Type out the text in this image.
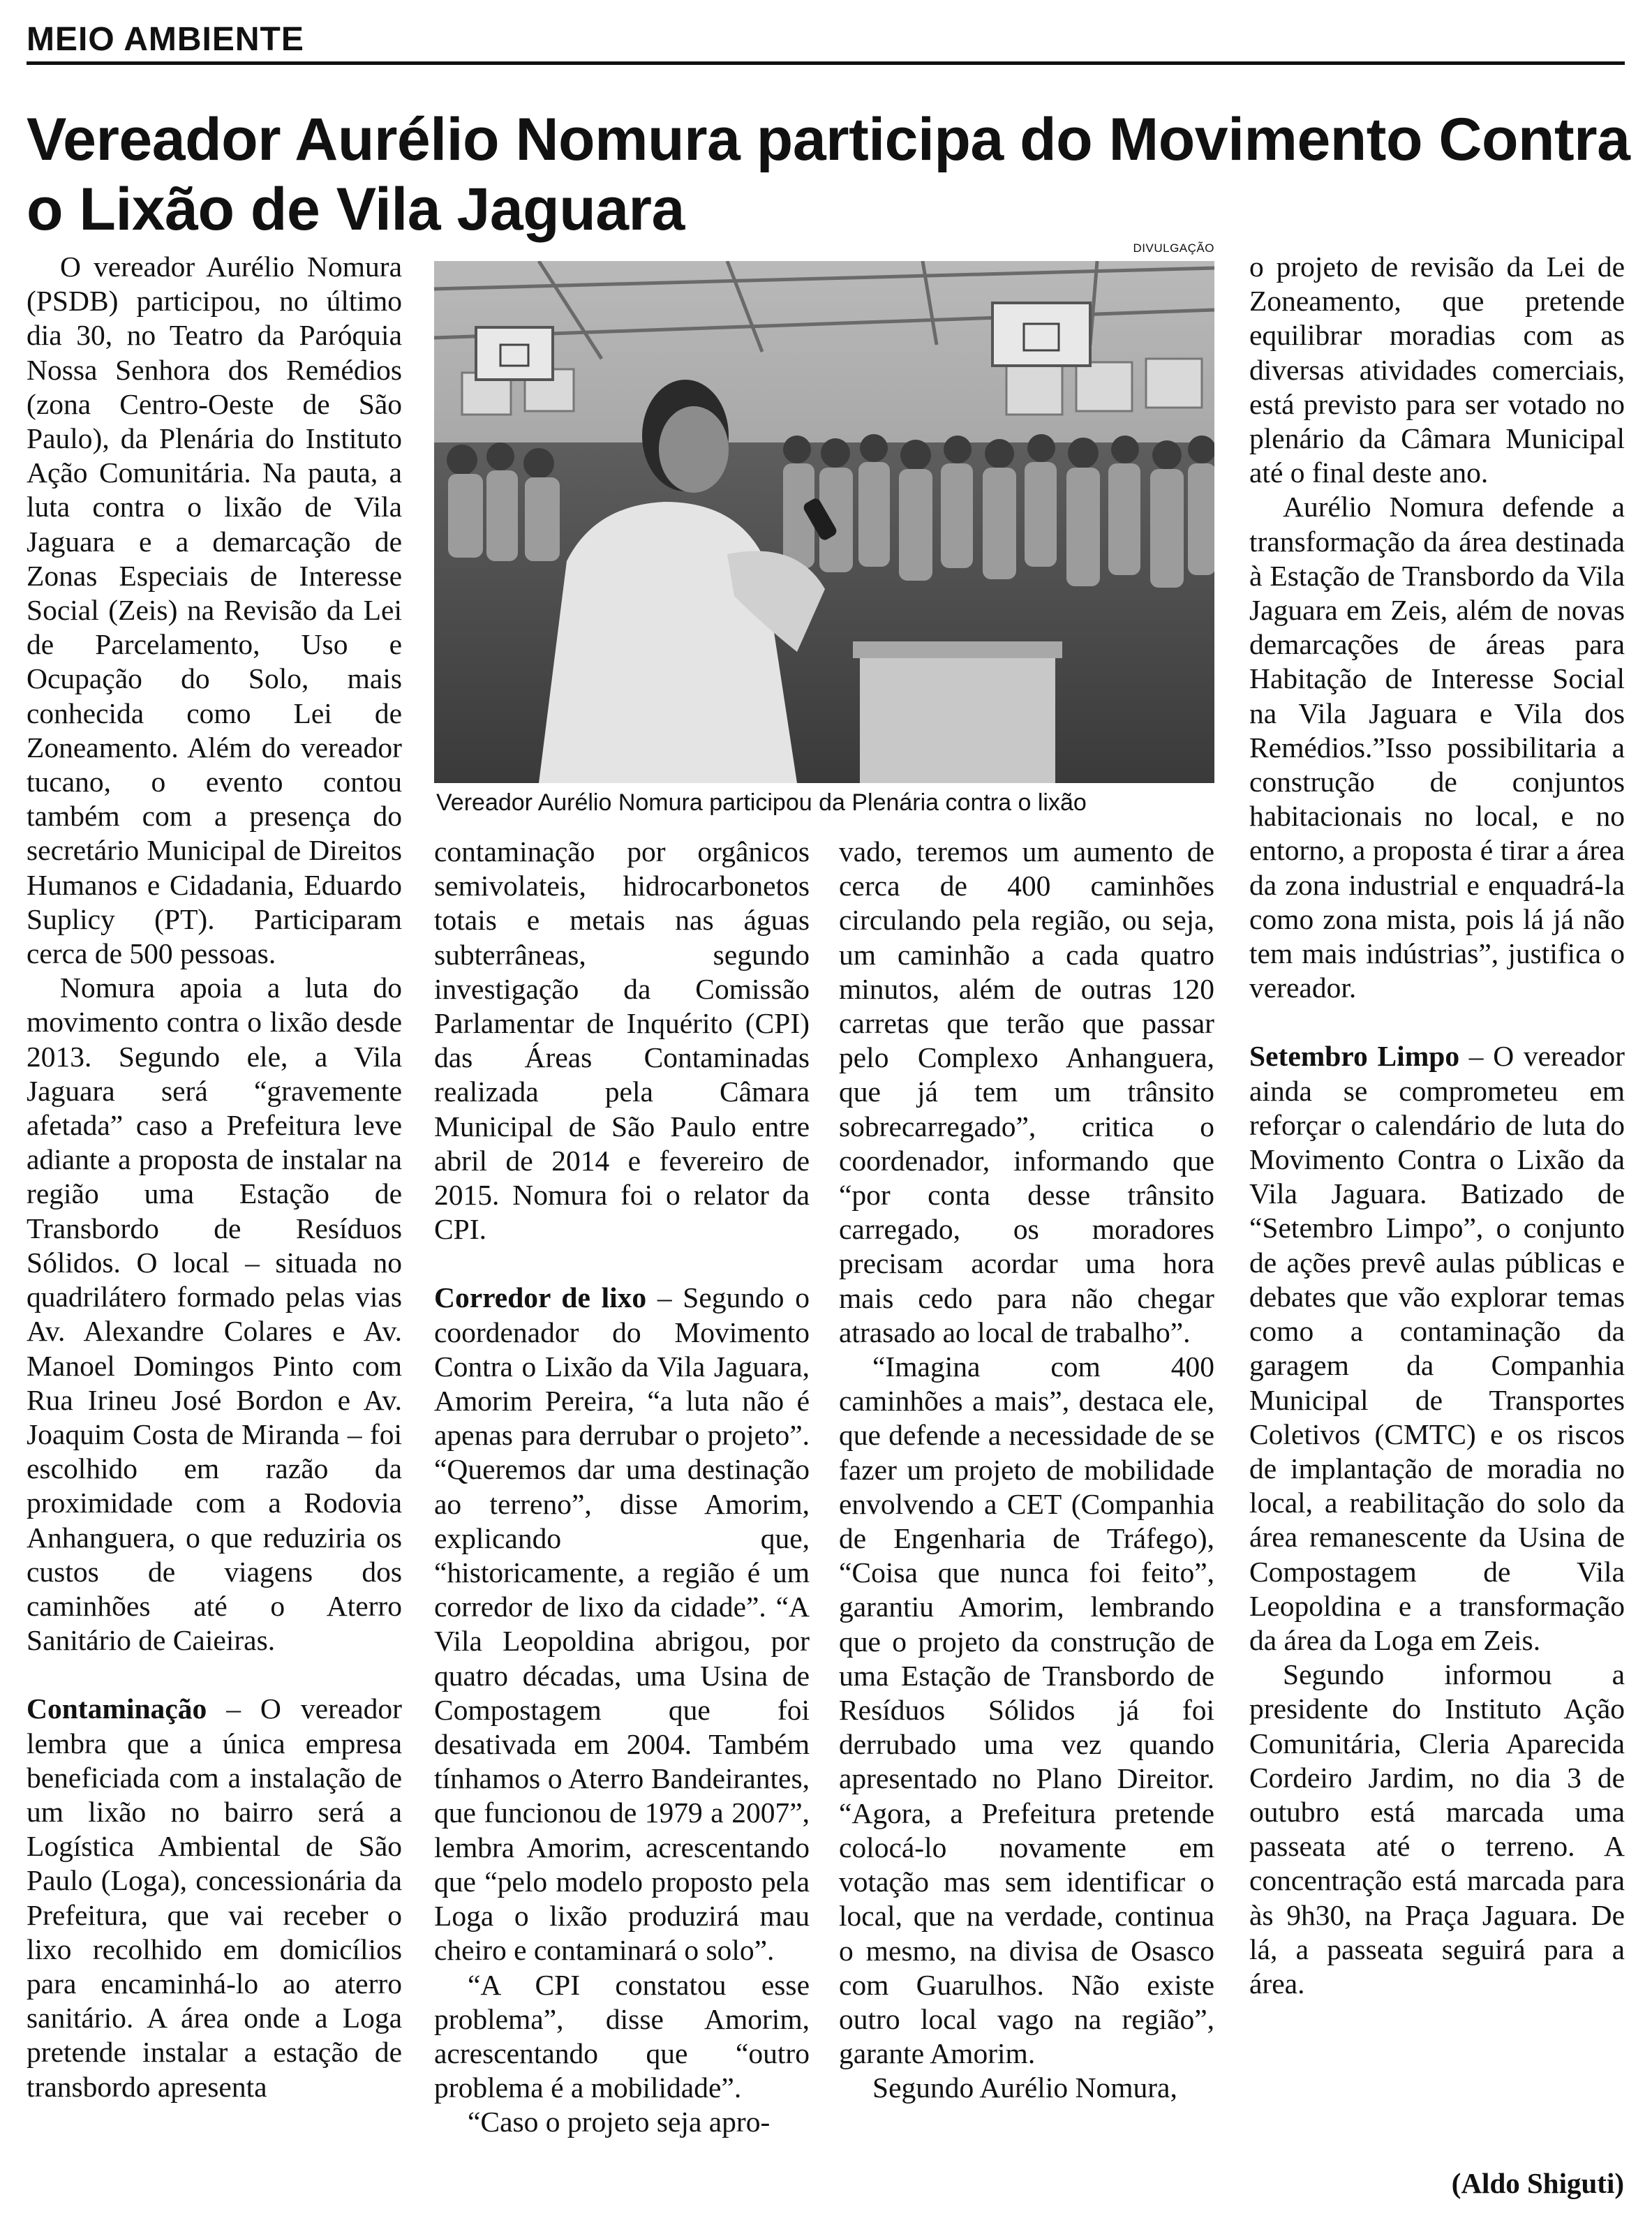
MEIO AMBIENTE
Vereador Aurélio Nomura participa do Movimento Contra o Lixão de Vila Jaguara

O vereador Aurélio Nomura (PSDB) participou, no último dia 30, no Teatro da Paróquia Nossa Senhora dos Remédios (zona Centro-Oeste de São Paulo), da Plenária do Instituto Ação Comunitária. Na pauta, a luta contra o lixão de Vila Jaguara e a demarcação de Zonas Especiais de Interesse Social (Zeis) na Revisão da Lei de Parcelamento, Uso e Ocupação do Solo, mais conhecida como Lei de Zoneamento. Além do vereador tucano, o evento contou também com a presença do secretário Municipal de Direitos Humanos e Cidadania, Eduardo Suplicy (PT). Participaram cerca de 500 pessoas.

Nomura apoia a luta do movimento contra o lixão desde 2013. Segundo ele, a Vila Jaguara será “gravemente afetada” caso a Prefeitura leve adiante a proposta de instalar na região uma Estação de Transbordo de Resíduos Sólidos. O local – situada no quadrilátero formado pelas vias Av. Alexandre Colares e Av. Manoel Domingos Pinto com Rua Irineu José Bordon e Av. Joaquim Costa de Miranda – foi escolhido em razão da proximidade com a Rodovia Anhanguera, o que reduziria os custos de viagens dos caminhões até o Aterro Sanitário de Caieiras.

Contaminação – O vereador lembra que a única empresa beneficiada com a instalação de um lixão no bairro será a Logística Ambiental de São Paulo (Loga), concessionária da Prefeitura, que vai receber o lixo recolhido em domicílios para encaminhá-lo ao aterro sanitário. A área onde a Loga pretende instalar a estação de transbordo apresenta

DIVULGAÇÃO
Vereador Aurélio Nomura participou da Plenária contra o lixão

contaminação por orgânicos semivolateis, hidrocarbonetos totais e metais nas águas subterrâneas, segundo investigação da Comissão Parlamentar de Inquérito (CPI) das Áreas Contaminadas realizada pela Câmara Municipal de São Paulo entre abril de 2014 e fevereiro de 2015. Nomura foi o relator da CPI.

Corredor de lixo – Segundo o coordenador do Movimento Contra o Lixão da Vila Jaguara, Amorim Pereira, “a luta não é apenas para derrubar o projeto”. “Queremos dar uma destinação ao terreno”, disse Amorim, explicando que, “historicamente, a região é um corredor de lixo da cidade”. “A Vila Leopoldina abrigou, por quatro décadas, uma Usina de Compostagem que foi desativada em 2004. Também tínhamos o Aterro Bandeirantes, que funcionou de 1979 a 2007”, lembra Amorim, acrescentando que “pelo modelo proposto pela Loga o lixão produzirá mau cheiro e contaminará o solo”.

“A CPI constatou esse problema”, disse Amorim, acrescentando que “outro problema é a mobilidade”.

“Caso o projeto seja apro-

vado, teremos um aumento de cerca de 400 caminhões circulando pela região, ou seja, um caminhão a cada quatro minutos, além de outras 120 carretas que terão que passar pelo Complexo Anhanguera, que já tem um trânsito sobrecarregado”, critica o coordenador, informando que “por conta desse trânsito carregado, os moradores precisam acordar uma hora mais cedo para não chegar atrasado ao local de trabalho”.

“Imagina com 400 caminhões a mais”, destaca ele, que defende a necessidade de se fazer um projeto de mobilidade envolvendo a CET (Companhia de Engenharia de Tráfego), “Coisa que nunca foi feito”, garantiu Amorim, lembrando que o projeto da construção de uma Estação de Transbordo de Resíduos Sólidos já foi derrubado uma vez quando apresentado no Plano Direitor. “Agora, a Prefeitura pretende colocá-lo novamente em votação mas sem identificar o local, que na verdade, continua o mesmo, na divisa de Osasco com Guarulhos. Não existe outro local vago na região”, garante Amorim.

Segundo Aurélio Nomura,

o projeto de revisão da Lei de Zoneamento, que pretende equilibrar moradias com as diversas atividades comerciais, está previsto para ser votado no plenário da Câmara Municipal até o final deste ano.

Aurélio Nomura defende a transformação da área destinada à Estação de Transbordo da Vila Jaguara em Zeis, além de novas demarcações de áreas para Habitação de Interesse Social na Vila Jaguara e Vila dos Remédios.”Isso possibilitaria a construção de conjuntos habitacionais no local, e no entorno, a proposta é tirar a área da zona industrial e enquadrá-la como zona mista, pois lá já não tem mais indústrias”, justifica o vereador.

Setembro Limpo – O vereador ainda se comprometeu em reforçar o calendário de luta do Movimento Contra o Lixão da Vila Jaguara. Batizado de “Setembro Limpo”, o conjunto de ações prevê aulas públicas e debates que vão explorar temas como a contaminação da garagem da Companhia Municipal de Transportes Coletivos (CMTC) e os riscos de implantação de moradia no local, a reabilitação do solo da área remanescente da Usina de Compostagem de Vila Leopoldina e a transformação da área da Loga em Zeis.

Segundo informou a presidente do Instituto Ação Comunitária, Cleria Aparecida Cordeiro Jardim, no dia 3 de outubro está marcada uma passeata até o terreno. A concentração está marcada para às 9h30, na Praça Jaguara. De lá, a passeata seguirá para a área.

(Aldo Shiguti)
